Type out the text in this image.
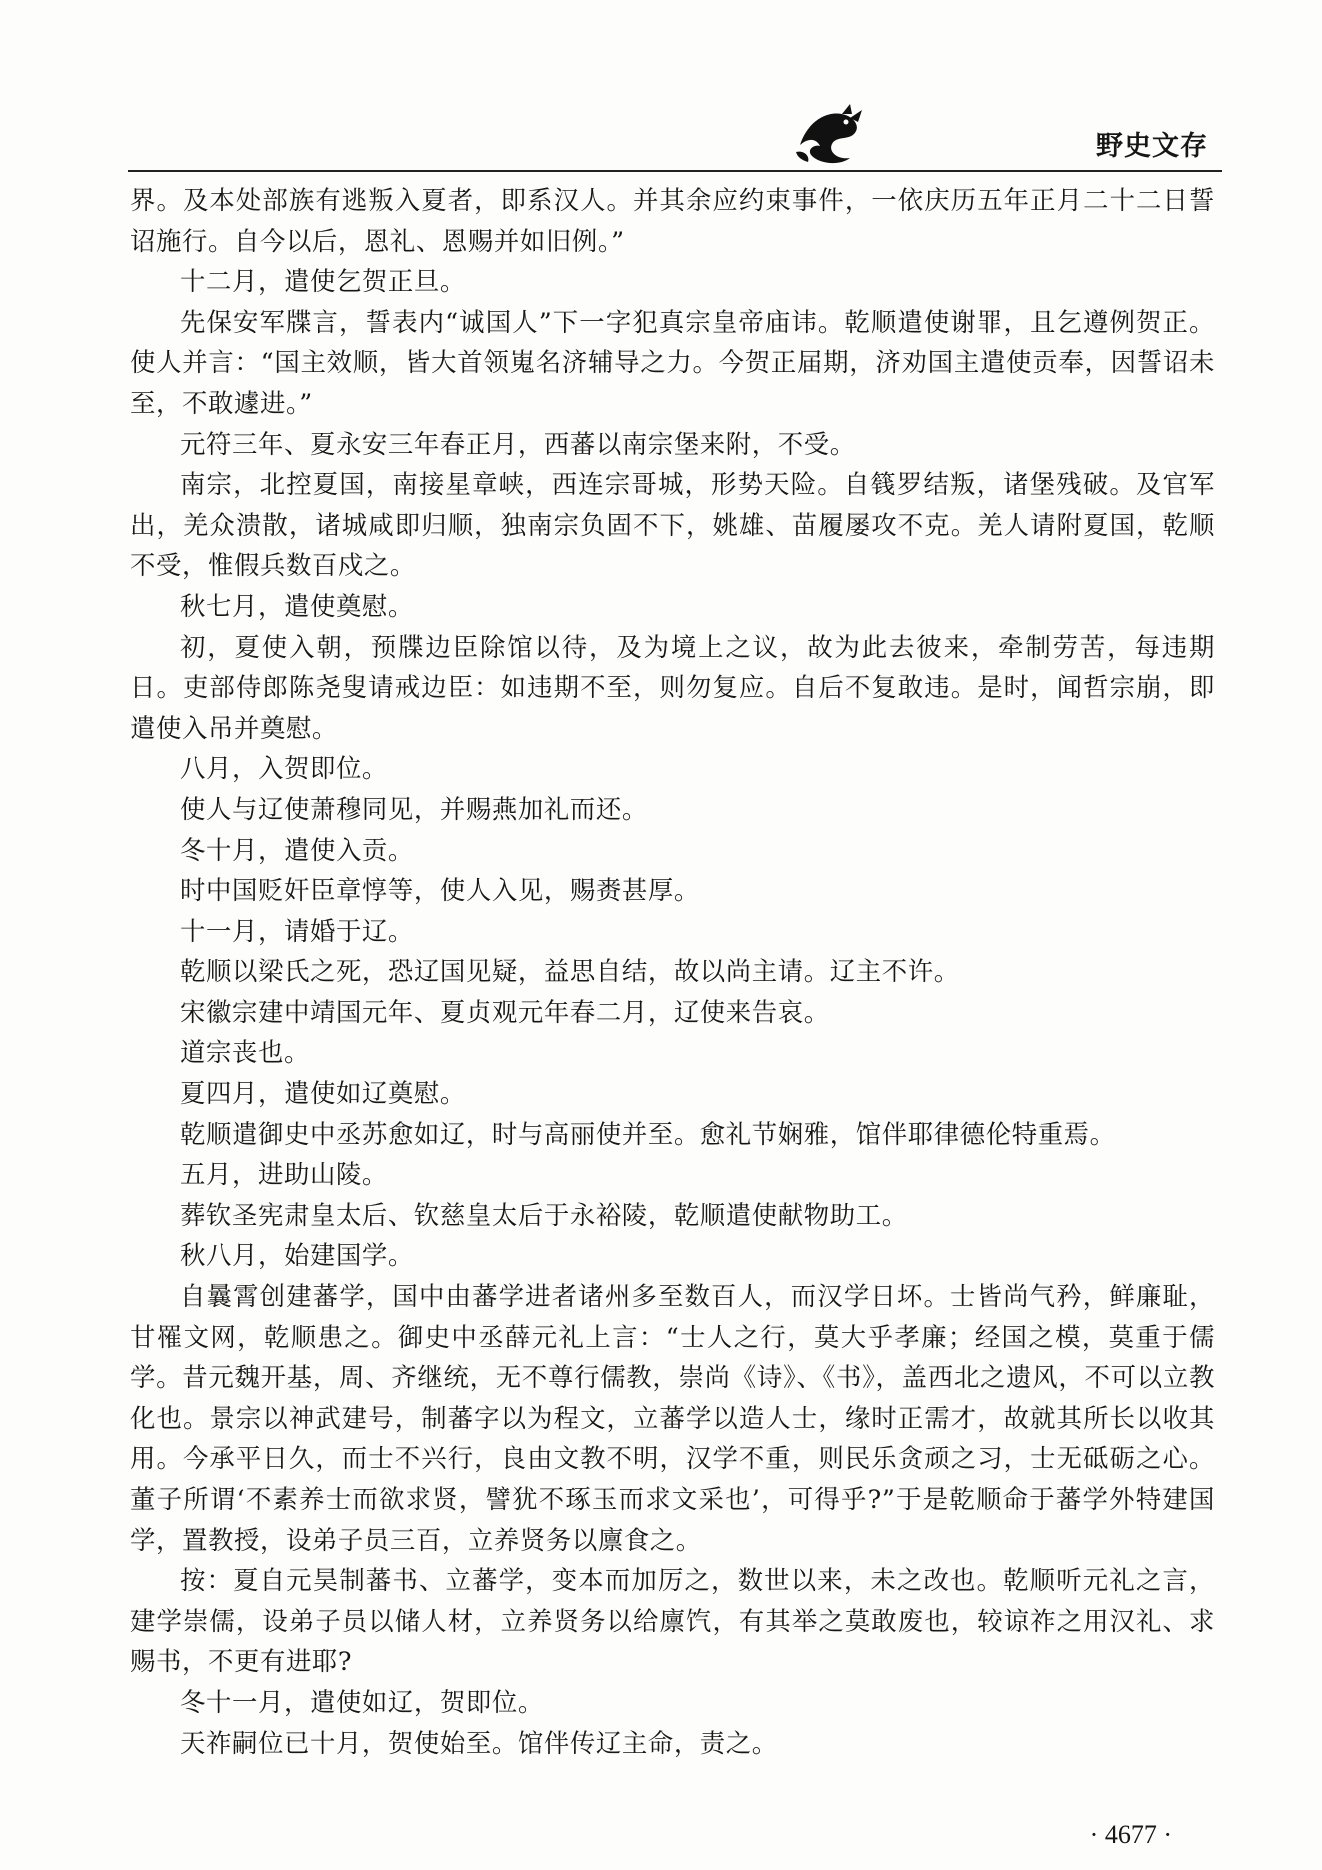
野史文存

界。及本处部族有逃叛入夏者，即系汉人。并其余应约束事件，一依庆历五年正月二十二日誓诏施行。自今以后，恩礼、恩赐并如旧例。”

十二月，遣使乞贺正旦。

先保安军牒言，誓表内“诚国人”下一字犯真宗皇帝庙讳。乾顺遣使谢罪，且乞遵例贺正。使人并言：“国主效顺，皆大首领嵬名济辅导之力。今贺正届期，济劝国主遣使贡奉，因誓诏未至，不敢遽进。”

元符三年、夏永安三年春正月，西蕃以南宗堡来附，不受。

南宗，北控夏国，南接星章峡，西连宗哥城，形势天险。自篯罗结叛，诸堡残破。及官军出，羌众溃散，诸城咸即归顺，独南宗负固不下，姚雄、苗履屡攻不克。羌人请附夏国，乾顺不受，惟假兵数百戍之。

秋七月，遣使奠慰。

初，夏使入朝，预牒边臣除馆以待，及为境上之议，故为此去彼来，牵制劳苦，每违期日。吏部侍郎陈尧叟请戒边臣：如违期不至，则勿复应。自后不复敢违。是时，闻哲宗崩，即遣使入吊并奠慰。

八月，入贺即位。

使人与辽使萧穆同见，并赐燕加礼而还。

冬十月，遣使入贡。

时中国贬奸臣章惇等，使人入见，赐赉甚厚。

十一月，请婚于辽。

乾顺以梁氏之死，恐辽国见疑，益思自结，故以尚主请。辽主不许。

宋徽宗建中靖国元年、夏贞观元年春二月，辽使来告哀。

道宗丧也。

夏四月，遣使如辽奠慰。

乾顺遣御史中丞苏愈如辽，时与高丽使并至。愈礼节娴雅，馆伴耶律德伦特重焉。

五月，进助山陵。

葬钦圣宪肃皇太后、钦慈皇太后于永裕陵，乾顺遣使献物助工。

秋八月，始建国学。

自曩霄创建蕃学，国中由蕃学进者诸州多至数百人，而汉学日坏。士皆尚气矜，鲜廉耻，甘罹文网，乾顺患之。御史中丞薛元礼上言：“士人之行，莫大乎孝廉；经国之模，莫重于儒学。昔元魏开基，周、齐继统，无不尊行儒教，崇尚《诗》、《书》，盖西北之遗风，不可以立教化也。景宗以神武建号，制蕃字以为程文，立蕃学以造人士，缘时正需才，故就其所长以收其用。今承平日久，而士不兴行，良由文教不明，汉学不重，则民乐贪顽之习，士无砥砺之心。董子所谓‘不素养士而欲求贤，譬犹不琢玉而求文采也’，可得乎?”于是乾顺命于蕃学外特建国学，置教授，设弟子员三百，立养贤务以廪食之。

按：夏自元昊制蕃书、立蕃学，变本而加厉之，数世以来，未之改也。乾顺听元礼之言，建学崇儒，设弟子员以储人材，立养贤务以给廪饩，有其举之莫敢废也，较谅祚之用汉礼、求赐书，不更有进耶?

冬十一月，遣使如辽，贺即位。

天祚嗣位已十月，贺使始至。馆伴传辽主命，责之。

· 4677 ·
